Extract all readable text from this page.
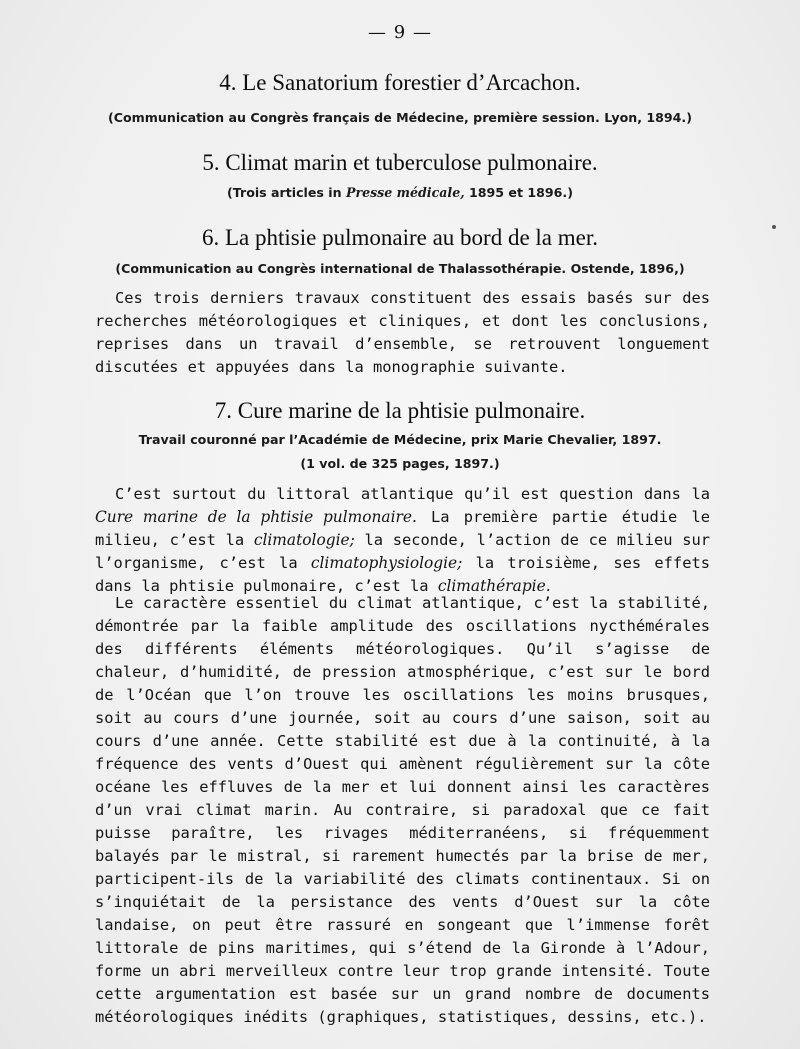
— 9 —
4. Le Sanatorium forestier d’Arcachon.
(Communication au Congrès français de Médecine, première session. Lyon, 1894.)
5. Climat marin et tuberculose pulmonaire.
(Trois articles in Presse médicale, 1895 et 1896.)
6. La phtisie pulmonaire au bord de la mer.
(Communication au Congrès international de Thalassothérapie. Ostende, 1896,)

Ces trois derniers travaux constituent des essais basés sur des recherches météorologiques et cliniques, et dont les conclusions, reprises dans un travail d’ensemble, se retrouvent longuement discutées et appuyées dans la monographie suivante.

7. Cure marine de la phtisie pulmonaire.
Travail couronné par l’Académie de Médecine, prix Marie Chevalier, 1897.
(1 vol. de 325 pages, 1897.)

C’est surtout du littoral atlantique qu’il est question dans la Cure marine de la phtisie pulmonaire. La première partie étudie le milieu, c’est la climatologie; la seconde, l’action de ce milieu sur l’organisme, c’est la climatophysiologie; la troisième, ses effets dans la phtisie pulmonaire, c’est la climathérapie.

Le caractère essentiel du climat atlantique, c’est la stabilité, démontrée par la faible amplitude des oscillations nycthémérales des différents éléments météorologiques. Qu’il s’agisse de chaleur, d’humidité, de pression atmosphérique, c’est sur le bord de l’Océan que l’on trouve les oscillations les moins brusques, soit au cours d’une journée, soit au cours d’une saison, soit au cours d’une année. Cette stabilité est due à la continuité, à la fréquence des vents d’Ouest qui amènent régulièrement sur la côte océane les effluves de la mer et lui donnent ainsi les caractères d’un vrai climat marin. Au contraire, si paradoxal que ce fait puisse paraître, les rivages méditerranéens, si fréquemment balayés par le mistral, si rarement humectés par la brise de mer, participent-ils de la variabilité des climats continentaux. Si on s’inquiétait de la persistance des vents d’Ouest sur la côte landaise, on peut être rassuré en songeant que l’immense forêt littorale de pins maritimes, qui s’étend de la Gironde à l’Adour, forme un abri merveilleux contre leur trop grande intensité. Toute cette argumentation est basée sur un grand nombre de documents météorologiques inédits (graphiques, statistiques, dessins, etc.).
